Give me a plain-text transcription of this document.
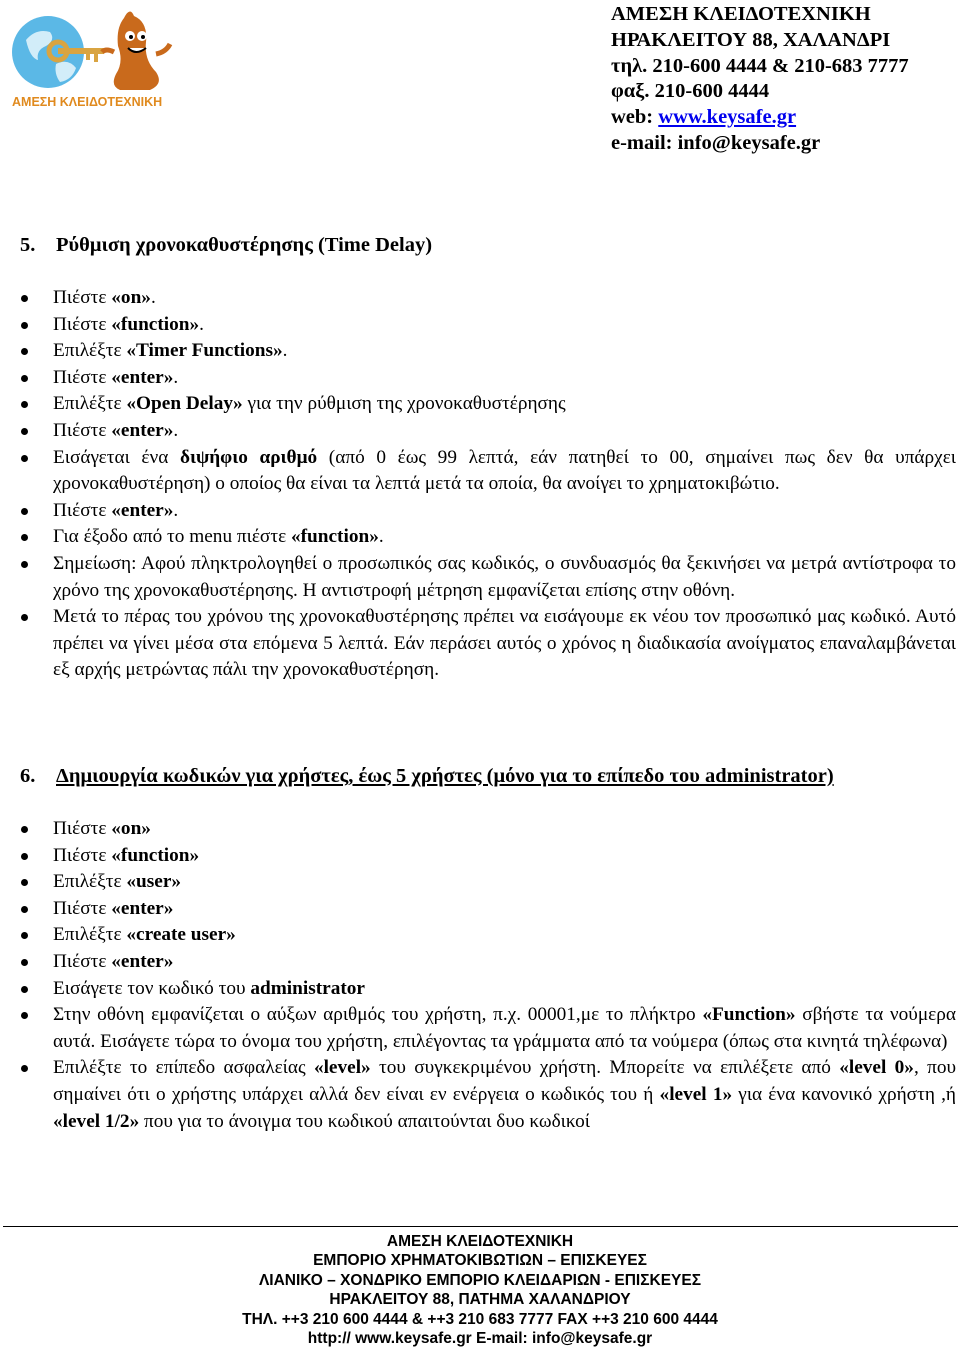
ΑΜΕΣΗ ΚΛΕΙΔΟΤΕΧΝΙΚΗ
ΑΜΕΣΗ ΚΛΕΙΔΟΤΕΧΝΙΚΗ
ΗΡΑΚΛΕΙΤΟΥ 88, ΧΑΛΑΝΔΡΙ
τηλ. 210-600 4444 & 210-683 7777
φαξ. 210-600 4444
web: www.keysafe.gr
e-mail: info@keysafe.gr
5. Ρύθμιση χρονοκαθυστέρησης (Time Delay)
Πιέστε «on».
Πιέστε «function».
Επιλέξτε «Timer Functions».
Πιέστε «enter».
Επιλέξτε «Open Delay» για την ρύθμιση της χρονοκαθυστέρησης
Πιέστε «enter».
Εισάγεται ένα διψήφιο αριθμό (από 0 έως 99 λεπτά, εάν πατηθεί το 00, σημαίνει πως δεν θα υπάρχει χρονοκαθυστέρηση) ο οποίος θα είναι τα λεπτά μετά τα οποία, θα ανοίγει το χρηματοκιβώτιο.
Πιέστε «enter».
Για έξοδο από το menu πιέστε «function».
Σημείωση: Αφού πληκτρολογηθεί ο προσωπικός σας κωδικός, ο συνδυασμός θα ξεκινήσει να μετρά αντίστροφα το χρόνο της χρονοκαθυστέρησης. Η αντιστροφή μέτρηση εμφανίζεται επίσης στην οθόνη.
Μετά το πέρας του χρόνου της χρονοκαθυστέρησης πρέπει να εισάγουμε εκ νέου τον προσωπικό μας κωδικό. Αυτό πρέπει να γίνει μέσα στα επόμενα 5 λεπτά. Εάν περάσει αυτός ο χρόνος η διαδικασία ανοίγματος επαναλαμβάνεται εξ αρχής μετρώντας πάλι την χρονοκαθυστέρηση.
6. Δημιουργία κωδικών για χρήστες, έως 5 χρήστες (μόνο για το επίπεδο του administrator)
Πιέστε «on»
Πιέστε «function»
Επιλέξτε «user»
Πιέστε «enter»
Επιλέξτε «create user»
Πιέστε «enter»
Εισάγετε τον κωδικό του administrator
Στην οθόνη εμφανίζεται ο αύξων αριθμός του χρήστη, π.χ. 00001,με το πλήκτρο «Function» σβήστε τα νούμερα αυτά. Εισάγετε τώρα το όνομα του χρήστη, επιλέγοντας τα γράμματα από τα νούμερα (όπως στα κινητά τηλέφωνα)
Επιλέξτε το επίπεδο ασφαλείας «level» του συγκεκριμένου χρήστη. Μπορείτε να επιλέξετε από «level 0», που σημαίνει ότι ο χρήστης υπάρχει αλλά δεν είναι εν ενέργεια ο κωδικός του ή «level 1» για ένα κανονικό χρήστη ,ή «level 1/2» που για το άνοιγμα του κωδικού απαιτούνται δυο κωδικοί
ΑΜΕΣΗ ΚΛΕΙΔΟΤΕΧΝΙΚΗ
ΕΜΠΟΡΙΟ ΧΡΗΜΑΤΟΚΙΒΩΤΙΩΝ – ΕΠΙΣΚΕΥΕΣ
ΛΙΑΝΙΚΟ – ΧΟΝΔΡΙΚΟ ΕΜΠΟΡΙΟ ΚΛΕΙΔΑΡΙΩΝ - ΕΠΙΣΚΕΥΕΣ
ΗΡΑΚΛΕΙΤΟΥ 88, ΠΑΤΗΜΑ ΧΑΛΑΝΔΡΙΟΥ
ΤΗΛ. ++3 210 600 4444 & ++3 210 683 7777 FAX ++3 210 600 4444
http:// www.keysafe.gr E-mail: info@keysafe.gr
